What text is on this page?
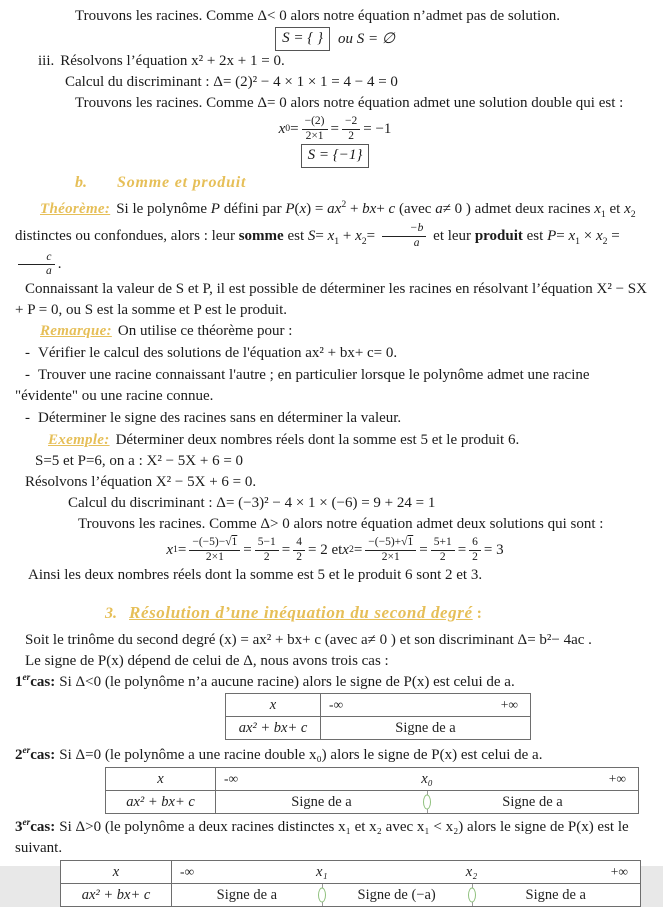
Trouvons les racines. Comme Δ< 0 alors notre équation n’admet pas de solution.

S = { }	ou S = ∅

iii. Résolvons l’équation x² + 2x + 1 = 0.

Calcul du discriminant : Δ= (2)² − 4 × 1 × 1 = 4 − 4 = 0

Trouvons les racines. Comme Δ= 0 alors notre équation admet une solution double qui est :

x $0 = \frac{-(2)}{2\times 1} = \frac{-2}{2} = -1$
S = {−1}
b. Somme et produit

Théorème: Si le polynôme P défini par $P(x) = ax^2 + bx+ c$ (avec a≠ 0 ) admet deux racines $x_1$ et $x_2$ distinctes ou confondues, alors : leur somme est $S= x_1 + x_2= \frac{-b}{a}$ et leur produit est $P= x_1 \times x_2$ =
$\frac{c}{a}$ .

Connaissant la valeur de S et P, il est possible de déterminer les racines en résolvant l’équation X² − SX + P = 0, ou S est la somme et P est le produit.

Remarque: On utilise ce théorème pour :

- Vérifier le calcul des solutions de l'équation ax² + bx+ c= 0.

- Trouver une racine connaissant l'autre ; en particulier lorsque le polynôme admet une racine "évidente" ou une racine connue.

- Déterminer le signe des racines sans en déterminer la valeur.

Exemple: Déterminer deux nombres réels dont la somme est 5 et le produit 6.

S=5 et P=6, on a : X² − 5X + 6 = 0

Résolvons l’équation X² − 5X + 6 = 0.

Calcul du discriminant : Δ= (−3)² − 4 × 1 × (−6) = 9 + 24 = 1

Trouvons les racines. Comme Δ> 0 alors notre équation admet deux solutions qui sont :

x $1 = \frac{-(-5)-√1}{2\times 1} = \frac{5-1}{2} = \frac{4}{2} = 2$ et x $2 = \frac{-(-5)+√1}{2\times 1} = \frac{5+1}{2} = \frac{6}{2} = 3$

Ainsi les deux nombres réels dont la somme est 5 et le produit 6 sont 2 et 3.

3. Résolution d’une inéquation du second degré :

Soit le trinôme du second degré (x) = ax² + bx+ c (avec a≠ 0 ) et son discriminant Δ= b²− 4ac .

Le signe de P(x) dépend de celui de Δ, nous avons trois cas :

1ercas: Si Δ<0 (le polynôme n’a aucune racine) alors le signe de P(x) est celui de a.

x	-∞	+∞
ax² + bx+ c	Signe de a

2ercas: Si Δ=0 (le polynôme a une racine double x₀) alors le signe de P(x) est celui de a.

x	-∞	x₀	+∞
ax² + bx+ c	Signe de a	Signe de a

3ercas: Si Δ>0 (le polynôme a deux racines distinctes x₁ et x₂ avec x₁ < x₂) alors le signe de P(x) est le suivant.

x	-∞	x₁	x₂	+∞
ax² + bx+ c	Signe de a	Signe de (−a)	Signe de a
